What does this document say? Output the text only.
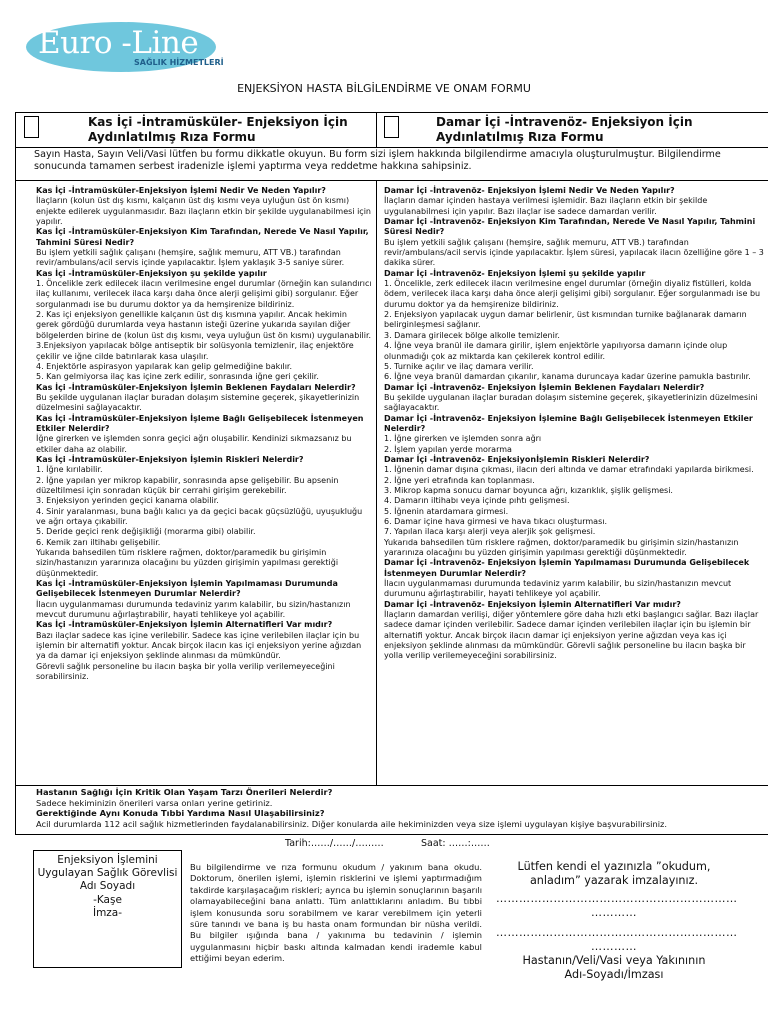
Euro -Line®
SAĞLIK HİZMETLERİ
ENJEKSİYON HASTA BİLGİLENDİRME VE ONAM FORMU
Kas İçi -İntramüsküler- Enjeksiyon İçin
Aydınlatılmış Rıza Formu
Damar İçi -İntravenöz- Enjeksiyon İçin
Aydınlatılmış Rıza Formu
Sayın Hasta, Sayın Veli/Vasi lütfen bu formu dikkatle okuyun. Bu form sizi işlem hakkında bilgilendirme amacıyla oluşturulmuştur. Bilgilendirme sonucunda tamamen serbest iradenizle işlemi yaptırma veya reddetme hakkına sahipsiniz.

Kas İçi -İntramüsküler-Enjeksiyon İşlemi Nedir Ve Neden Yapılır?

İlaçların (kolun üst dış kısmı, kalçanın üst dış kısmı veya uyluğun üst ön kısmı) enjekte edilerek uygulanmasıdır. Bazı ilaçların etkin bir şekilde uygulanabilmesi için yapılır.

Kas İçi -İntramüsküler-Enjeksiyon Kim Tarafından, Nerede Ve Nasıl Yapılır, Tahmini Süresi Nedir?

Bu işlem yetkili sağlık çalışanı (hemşire, sağlık memuru, ATT VB.) tarafından revir/ambulans/acil servis içinde yapılacaktır. İşlem yaklaşık 3-5 saniye sürer.

Kas İçi -İntramüsküler-Enjeksiyon şu şekilde yapılır

1. Öncelikle zerk edilecek ilacın verilmesine engel durumlar (örneğin kan sulandırıcı ilaç kullanımı, verilecek ilaca karşı daha önce alerji gelişimi gibi) sorgulanır. Eğer sorgulanmadı ise bu durumu doktor ya da hemşirenize bildiriniz.

2. Kas içi enjeksiyon genellikle kalçanın üst dış kısmına yapılır. Ancak hekimin gerek gördüğü durumlarda veya hastanın isteği üzerine yukarıda sayılan diğer bölgelerden birine de (kolun üst dış kısmı, veya uyluğun üst ön kısmı) uygulanabilir.

3.Enjeksiyon yapılacak bölge antiseptik bir solüsyonla temizlenir, ilaç enjektöre çekilir ve iğne cilde batırılarak kasa ulaşılır.

4. Enjektörle aspirasyon yapılarak kan gelip gelmediğine bakılır.

5. Kan gelmiyorsa ilaç kas içine zerk edilir, sonrasında iğne geri çekilir.

Kas İçi -İntramüsküler-Enjeksiyon İşlemin Beklenen Faydaları Nelerdir?

Bu şekilde uygulanan ilaçlar buradan dolaşım sistemine geçerek, şikayetlerinizin düzelmesini sağlayacaktır.

Kas İçi -İntramüsküler-Enjeksiyon İşleme Bağlı Gelişebilecek İstenmeyen Etkiler Nelerdir?

İğne girerken ve işlemden sonra geçici ağrı oluşabilir. Kendinizi sıkmazsanız bu etkiler daha az olabilir.

Kas İçi -İntramüsküler-Enjeksiyon İşlemin Riskleri Nelerdir?

1. İğne kırılabilir.

2. İğne yapılan yer mikrop kapabilir, sonrasında apse gelişebilir. Bu apsenin düzeltilmesi için sonradan küçük bir cerrahi girişim gerekebilir.

3. Enjeksiyon yerinden geçici kanama olabilir.

4. Sinir yaralanması, buna bağlı kalıcı ya da geçici bacak güçsüzlüğü, uyuşukluğu ve ağrı ortaya çıkabilir.

5. Deride geçici renk değişikliği (morarma gibi) olabilir.

6. Kemik zarı iltihabı gelişebilir.

Yukarıda bahsedilen tüm risklere rağmen, doktor/paramedik bu girişimin sizin/hastanızın yararınıza olacağını bu yüzden girişimin yapılması gerektiği düşünmektedir.

Kas İçi -İntramüsküler-Enjeksiyon İşlemin Yapılmaması Durumunda Gelişebilecek İstenmeyen Durumlar Nelerdir?

İlacın uygulanmaması durumunda tedaviniz yarım kalabilir, bu sizin/hastanızın mevcut durumunu ağırlaştırabilir, hayati tehlikeye yol açabilir.

Kas İçi -İntramüsküler-Enjeksiyon İşlemin Alternatifleri Var mıdır?

Bazı ilaçlar sadece kas içine verilebilir. Sadece kas içine verilebilen ilaçlar için bu işlemin bir alternatifi yoktur. Ancak birçok ilacın kas içi enjeksiyon yerine ağızdan ya da damar içi enjeksiyon şeklinde alınması da mümkündür.

Görevli sağlık personeline bu ilacın başka bir yolla verilip verilemeyeceğini sorabilirsiniz.

Damar İçi -İntravenöz- Enjeksiyon İşlemi Nedir Ve Neden Yapılır?

İlaçların damar içinden hastaya verilmesi işlemidir. Bazı ilaçların etkin bir şekilde uygulanabilmesi için yapılır. Bazı ilaçlar ise sadece damardan verilir.

Damar İçi -İntravenöz- Enjeksiyon Kim Tarafından, Nerede Ve Nasıl Yapılır, Tahmini Süresi Nedir?

Bu işlem yetkili sağlık çalışanı (hemşire, sağlık memuru, ATT VB.) tarafından revir/ambulans/acil servis içinde yapılacaktır. İşlem süresi, yapılacak ilacın özelliğine göre 1 – 3 dakika sürer.

Damar İçi -İntravenöz- Enjeksiyon İşlemi şu şekilde yapılır

1. Öncelikle, zerk edilecek ilacın verilmesine engel durumlar (örneğin diyaliz fistülleri, kolda ödem, verilecek ilaca karşı daha önce alerji gelişimi gibi) sorgulanır. Eğer sorgulanmadı ise bu durumu doktor ya da hemşirenize bildiriniz.

2. Enjeksiyon yapılacak uygun damar belirlenir, üst kısmından turnike bağlanarak damarın belirginleşmesi sağlanır.

3. Damara girilecek bölge alkolle temizlenir.

4. İğne veya branül ile damara girilir, işlem enjektörle yapılıyorsa damarın içinde olup olunmadığı çok az miktarda kan çekilerek kontrol edilir.

5. Turnike açılır ve ilaç damara verilir.

6. İğne veya branül damardan çıkarılır, kanama duruncaya kadar üzerine pamukla bastırılır.

Damar İçi -İntravenöz- Enjeksiyon İşlemin Beklenen Faydaları Nelerdir?

Bu şekilde uygulanan ilaçlar buradan dolaşım sistemine geçerek, şikayetlerinizin düzelmesini sağlayacaktır.

Damar İçi -İntravenöz- Enjeksiyon İşlemine Bağlı Gelişebilecek İstenmeyen Etkiler Nelerdir?

1. İğne girerken ve işlemden sonra ağrı

2. İşlem yapılan yerde morarma

Damar İçi -İntravenöz- Enjeksiyonİşlemin Riskleri Nelerdir?

1. İğnenin damar dışına çıkması, ilacın deri altında ve damar etrafındaki yapılarda birikmesi.

2. İğne yeri etrafında kan toplanması.

3. Mikrop kapma sonucu damar boyunca ağrı, kızarıklık, şişlik gelişmesi.

4. Damarın iltihabı veya içinde pıhtı gelişmesi.

5. İğnenin atardamara girmesi.

6. Damar içine hava girmesi ve hava tıkacı oluşturması.

7. Yapılan ilaca karşı alerji veya alerjik şok gelişmesi.

Yukarıda bahsedilen tüm risklere rağmen, doktor/paramedik bu girişimin sizin/hastanızın yararınıza olacağını bu yüzden girişimin yapılması gerektiği düşünmektedir.

Damar İçi -İntravenöz- Enjeksiyon İşlemin Yapılmaması Durumunda Gelişebilecek İstenmeyen Durumlar Nelerdir?

İlacın uygulanmaması durumunda tedaviniz yarım kalabilir, bu sizin/hastanızın mevcut durumunu ağırlaştırabilir, hayati tehlikeye yol açabilir.

Damar İçi -İntravenöz- Enjeksiyon İşlemin Alternatifleri Var mıdır?

İlaçların damardan verilişi, diğer yöntemlere göre daha hızlı etki başlangıcı sağlar. Bazı ilaçlar sadece damar içinden verilebilir. Sadece damar içinden verilebilen ilaçlar için bu işlemin bir alternatifi yoktur. Ancak birçok ilacın damar içi enjeksiyon yerine ağızdan veya kas içi enjeksiyon şeklinde alınması da mümkündür. Görevli sağlık personeline bu ilacın başka bir yolla verilip verilemeyeceğini sorabilirsiniz.

Hastanın Sağlığı İçin Kritik Olan Yaşam Tarzı Önerileri Nelerdir?

Sadece hekiminizin önerileri varsa onları yerine getiriniz.

Gerektiğinde Aynı Konuda Tıbbi Yardıma Nasıl Ulaşabilirsiniz?

Acil durumlarda 112 acil sağlık hizmetlerinden faydalanabilirsiniz. Diğer konularda aile hekiminizden veya size işlemi uygulayan kişiye başvurabilirsiniz.

Tarih:……/……/………	Saat: ……:……
Enjeksiyon İşlemini
Uygulayan Sağlık Görevlisi
Adı Soyadı
-Kaşe
İmza-
Bu bilgilendirme ve rıza formunu okudum / yakınım bana okudu. Doktorum, önerilen işlemi, işlemin risklerini ve işlemi yaptırmadığım takdirde karşılaşacağım riskleri; ayrıca bu işlemin sonuçlarının başarılı olamayabileceğini bana anlattı. Tüm anlattıklarını anladım. Bu tıbbi işlem konusunda soru sorabilmem ve karar verebilmem için yeterli süre tanındı ve bana iş bu hasta onam formundan bir nüsha verildi. Bu bilgiler ışığında bana / yakınıma bu tedavinin / işlemin uygulanmasını hiçbir baskı altında kalmadan kendi irademle kabul ettiğimi beyan ederim.
Lütfen kendi el yazınızla ”okudum, anladım” yazarak imzalayınız.
………………………………………………………
…………
………………………………………………………
…………
Hastanın/Veli/Vasi veya Yakınının
Adı-Soyadı/İmzası
